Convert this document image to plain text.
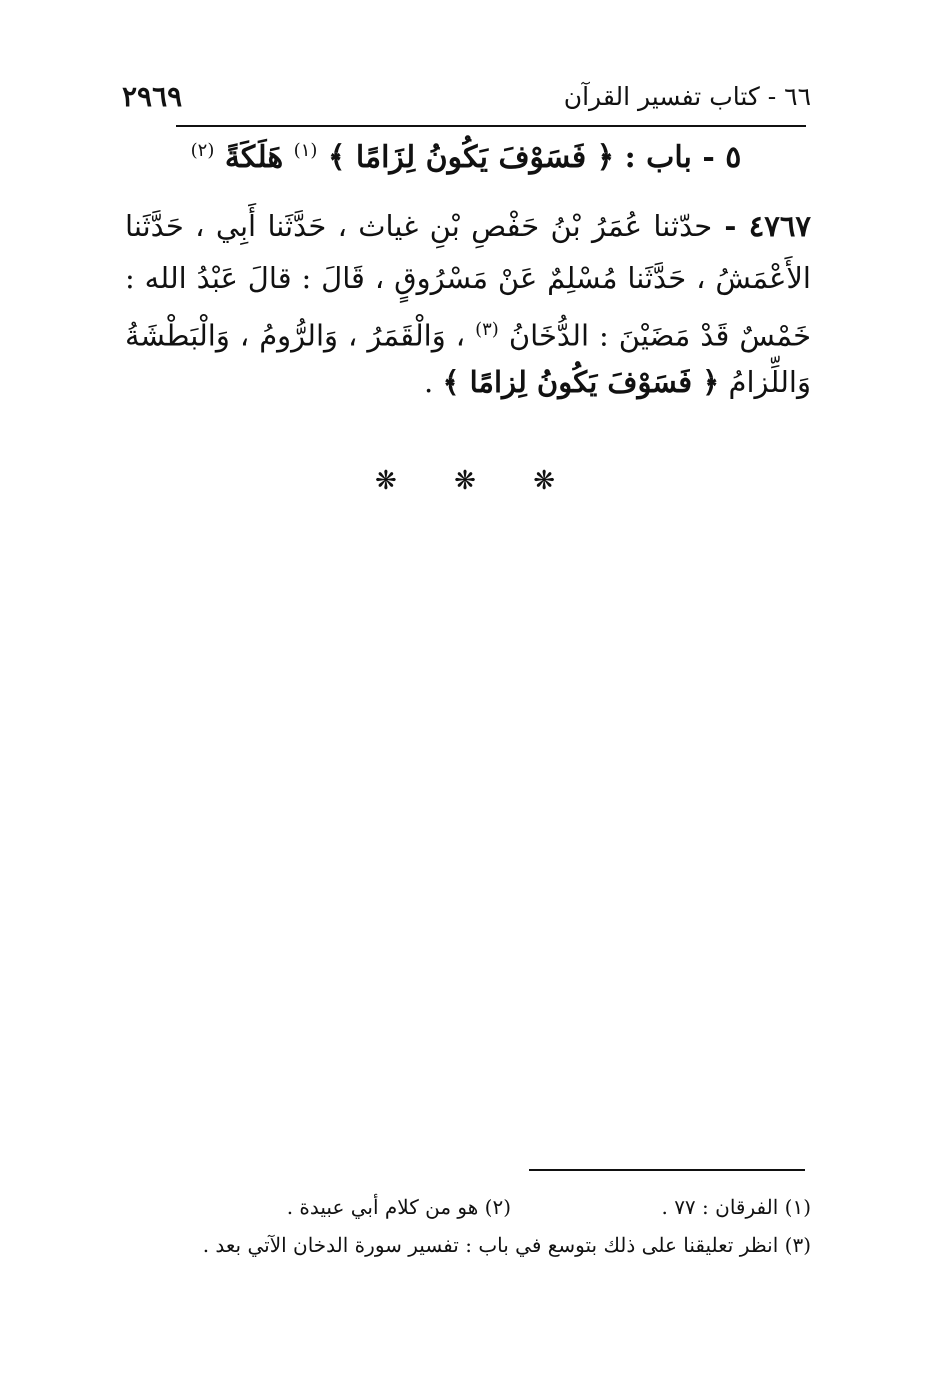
٢٩٦٩	٦٦ - كتاب تفسير القرآن
٥ - باب : ﴿ فَسَوْفَ يَكُونُ لِزَامًا ﴾ $^{(١)}$ هَلَكَةً $^{(٢)}$
٤٧٦٧ - حدّثنا عُمَرُ بْنُ حَفْصِ بْنِ غياث ، حَدَّثَنا أَبِي ، حَدَّثَنا
الأَعْمَشُ ، حَدَّثَنا مُسْلِمٌ عَنْ مَسْرُوقٍ ، قَالَ : قالَ عَبْدُ الله :
خَمْسٌ قَدْ مَضَيْنَ : الدُّخَانُ $^{(٣)}$ ، وَالْقَمَرُ ، وَالرُّومُ ، وَالْبَطْشَةُ
وَاللِّزامُ ﴿ فَسَوْفَ يَكُونُ لِزامًا ﴾ .
❋ ❋ ❋
(١) الفرقان : ٧٧ .(٢) هو من كلام أبي عبيدة .
(٣) انظر تعليقنا على ذلك بتوسع في باب : تفسير سورة الدخان الآتي بعد .
